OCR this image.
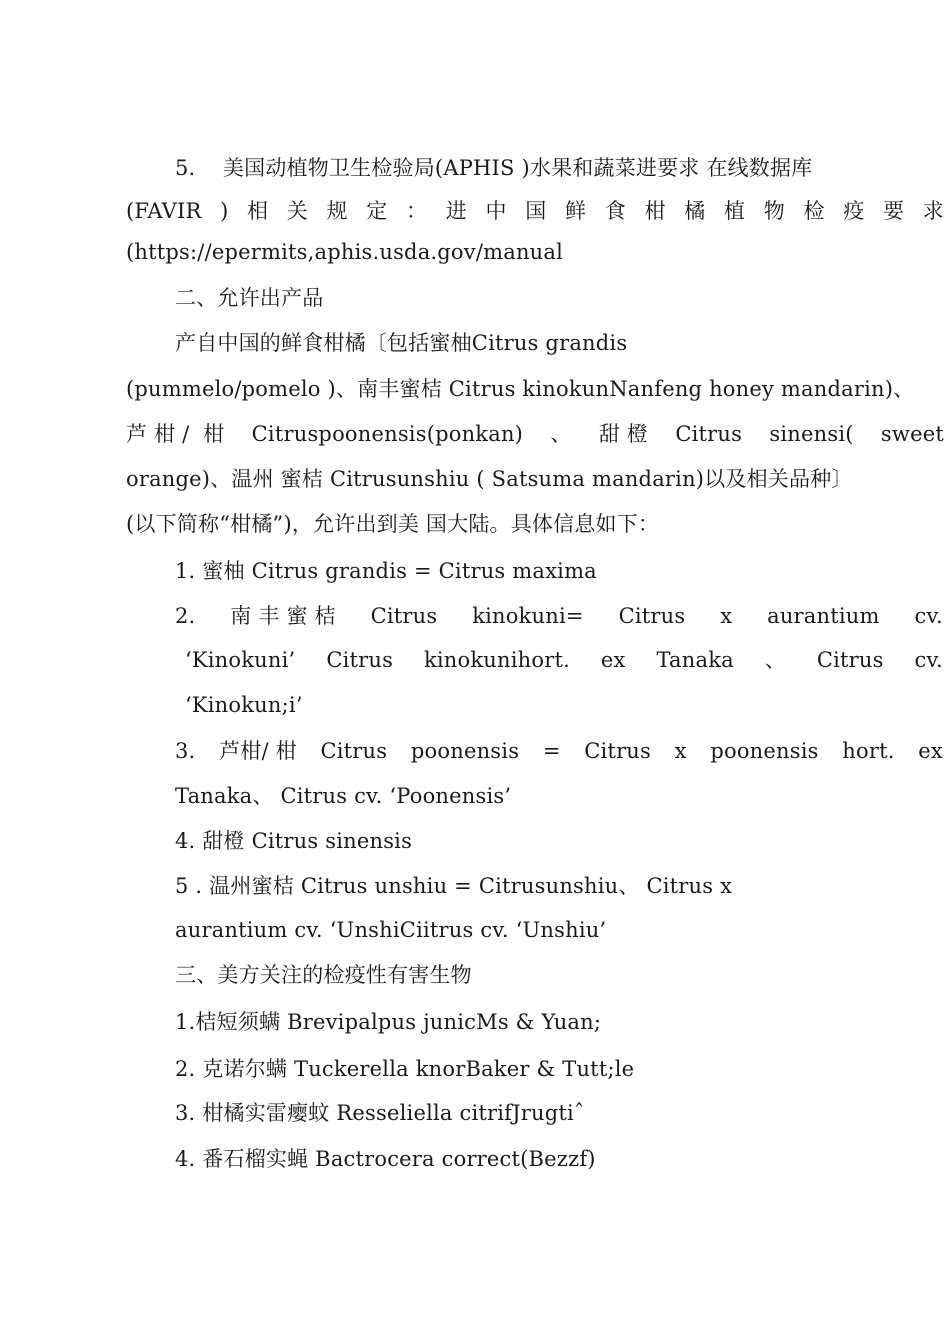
5.    美国动植物卫生检验局(APHIS )水果和蔬菜进要求 在线数据库
(FAVIR ) 相 关 规 定 ： 进 中 国 鲜 食 柑 橘 植 物 检 疫 要 求
(https://epermits,aphis.usda.gov/manual
二、允许出产品
产自中国的鲜食柑橘〔包括蜜柚Citrus grandis
(pummelo/pomelo )、南丰蜜桔 Citrus kinokunNanfeng honey mandarin)、
芦 柑 /  柑 Citruspoonensis(ponkan) 、 甜 橙 Citrus sinensi( sweet
orange)、温州 蜜桔 Citrusunshiu ( Satsuma mandarin)以及相关品种〕
(以下简称“柑橘”)，允许出到美 国大陆。具体信息如下：
1. 蜜柚 Citrus grandis = Citrus maxima
2. 南 丰 蜜 桔 Citrus kinokuni= Citrus x aurantium cv.
‘Kinokuni’ Citrus kinokunihort. ex Tanaka 、 Citrus cv.
‘Kinokun;i’
3. 芦柑/ 柑 Citrus poonensis = Citrus x poonensis hort. ex
Tanaka、 Citrus cv. ‘Poonensis’
4. 甜橙 Citrus sinensis
5 . 温州蜜桔 Citrus unshiu = Citrusunshiu、 Citrus x
aurantium cv. ‘UnshiCiitrus cv. ‘Unshiu’
三、美方关注的检疫性有害生物
1.桔短须螨 Brevipalpus junicMs & Yuan;
2. 克诺尔螨 Tuckerella knorBaker & Tutt;le
3. 柑橘实雷瘿蚊 Resseliella citrifJrugtiˆ
4. 番石榴实蝇 Bactrocera correct(Bezzf)
